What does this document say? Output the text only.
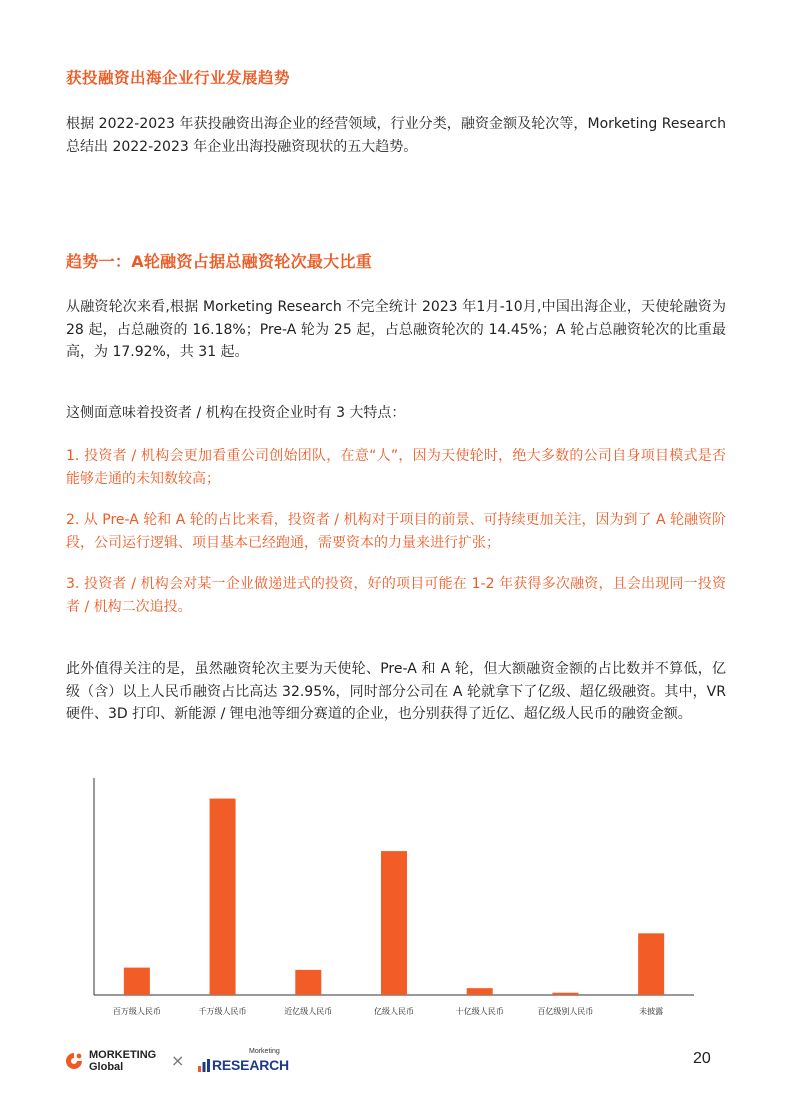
获投融资出海企业行业发展趋势
根据 2022-2023 年获投融资出海企业的经营领域，行业分类，融资金额及轮次等，Morketing Research 总结出 2022-2023 年企业出海投融资现状的五大趋势。
趋势一：A轮融资占据总融资轮次最大比重
从融资轮次来看,根据 Morketing Research 不完全统计 2023 年1月-10月,中国出海企业，天使轮融资为 28 起，占总融资的 16.18%；Pre-A 轮为 25 起，占总融资轮次的 14.45%；A 轮占总融资轮次的比重最高，为 17.92%，共 31 起。
这侧面意味着投资者 / 机构在投资企业时有 3 大特点：
1. 投资者 / 机构会更加看重公司创始团队，在意“人”，因为天使轮时，绝大多数的公司自身项目模式是否能够走通的未知数较高；
2. 从 Pre-A 轮和 A 轮的占比来看，投资者 / 机构对于项目的前景、可持续更加关注，因为到了 A 轮融资阶段，公司运行逻辑、项目基本已经跑通，需要资本的力量来进行扩张；
3. 投资者 / 机构会对某一企业做递进式的投资，好的项目可能在 1-2 年获得多次融资，且会出现同一投资者 / 机构二次追投。
此外值得关注的是，虽然融资轮次主要为天使轮、Pre-A 和 A 轮，但大额融资金额的占比数并不算低，亿级（含）以上人民币融资占比高达 32.95%，同时部分公司在 A 轮就拿下了亿级、超亿级融资。其中，VR 硬件、3D 打印、新能源 / 锂电池等细分赛道的企业，也分别获得了近亿、超亿级人民币的融资金额。
百万级人民币	千万级人民币	近亿级人民币	亿级人民币	十亿级人民币	百亿级别人民币	未披露
MORKETING
Global	×	Morketing
RESEARCH	20
